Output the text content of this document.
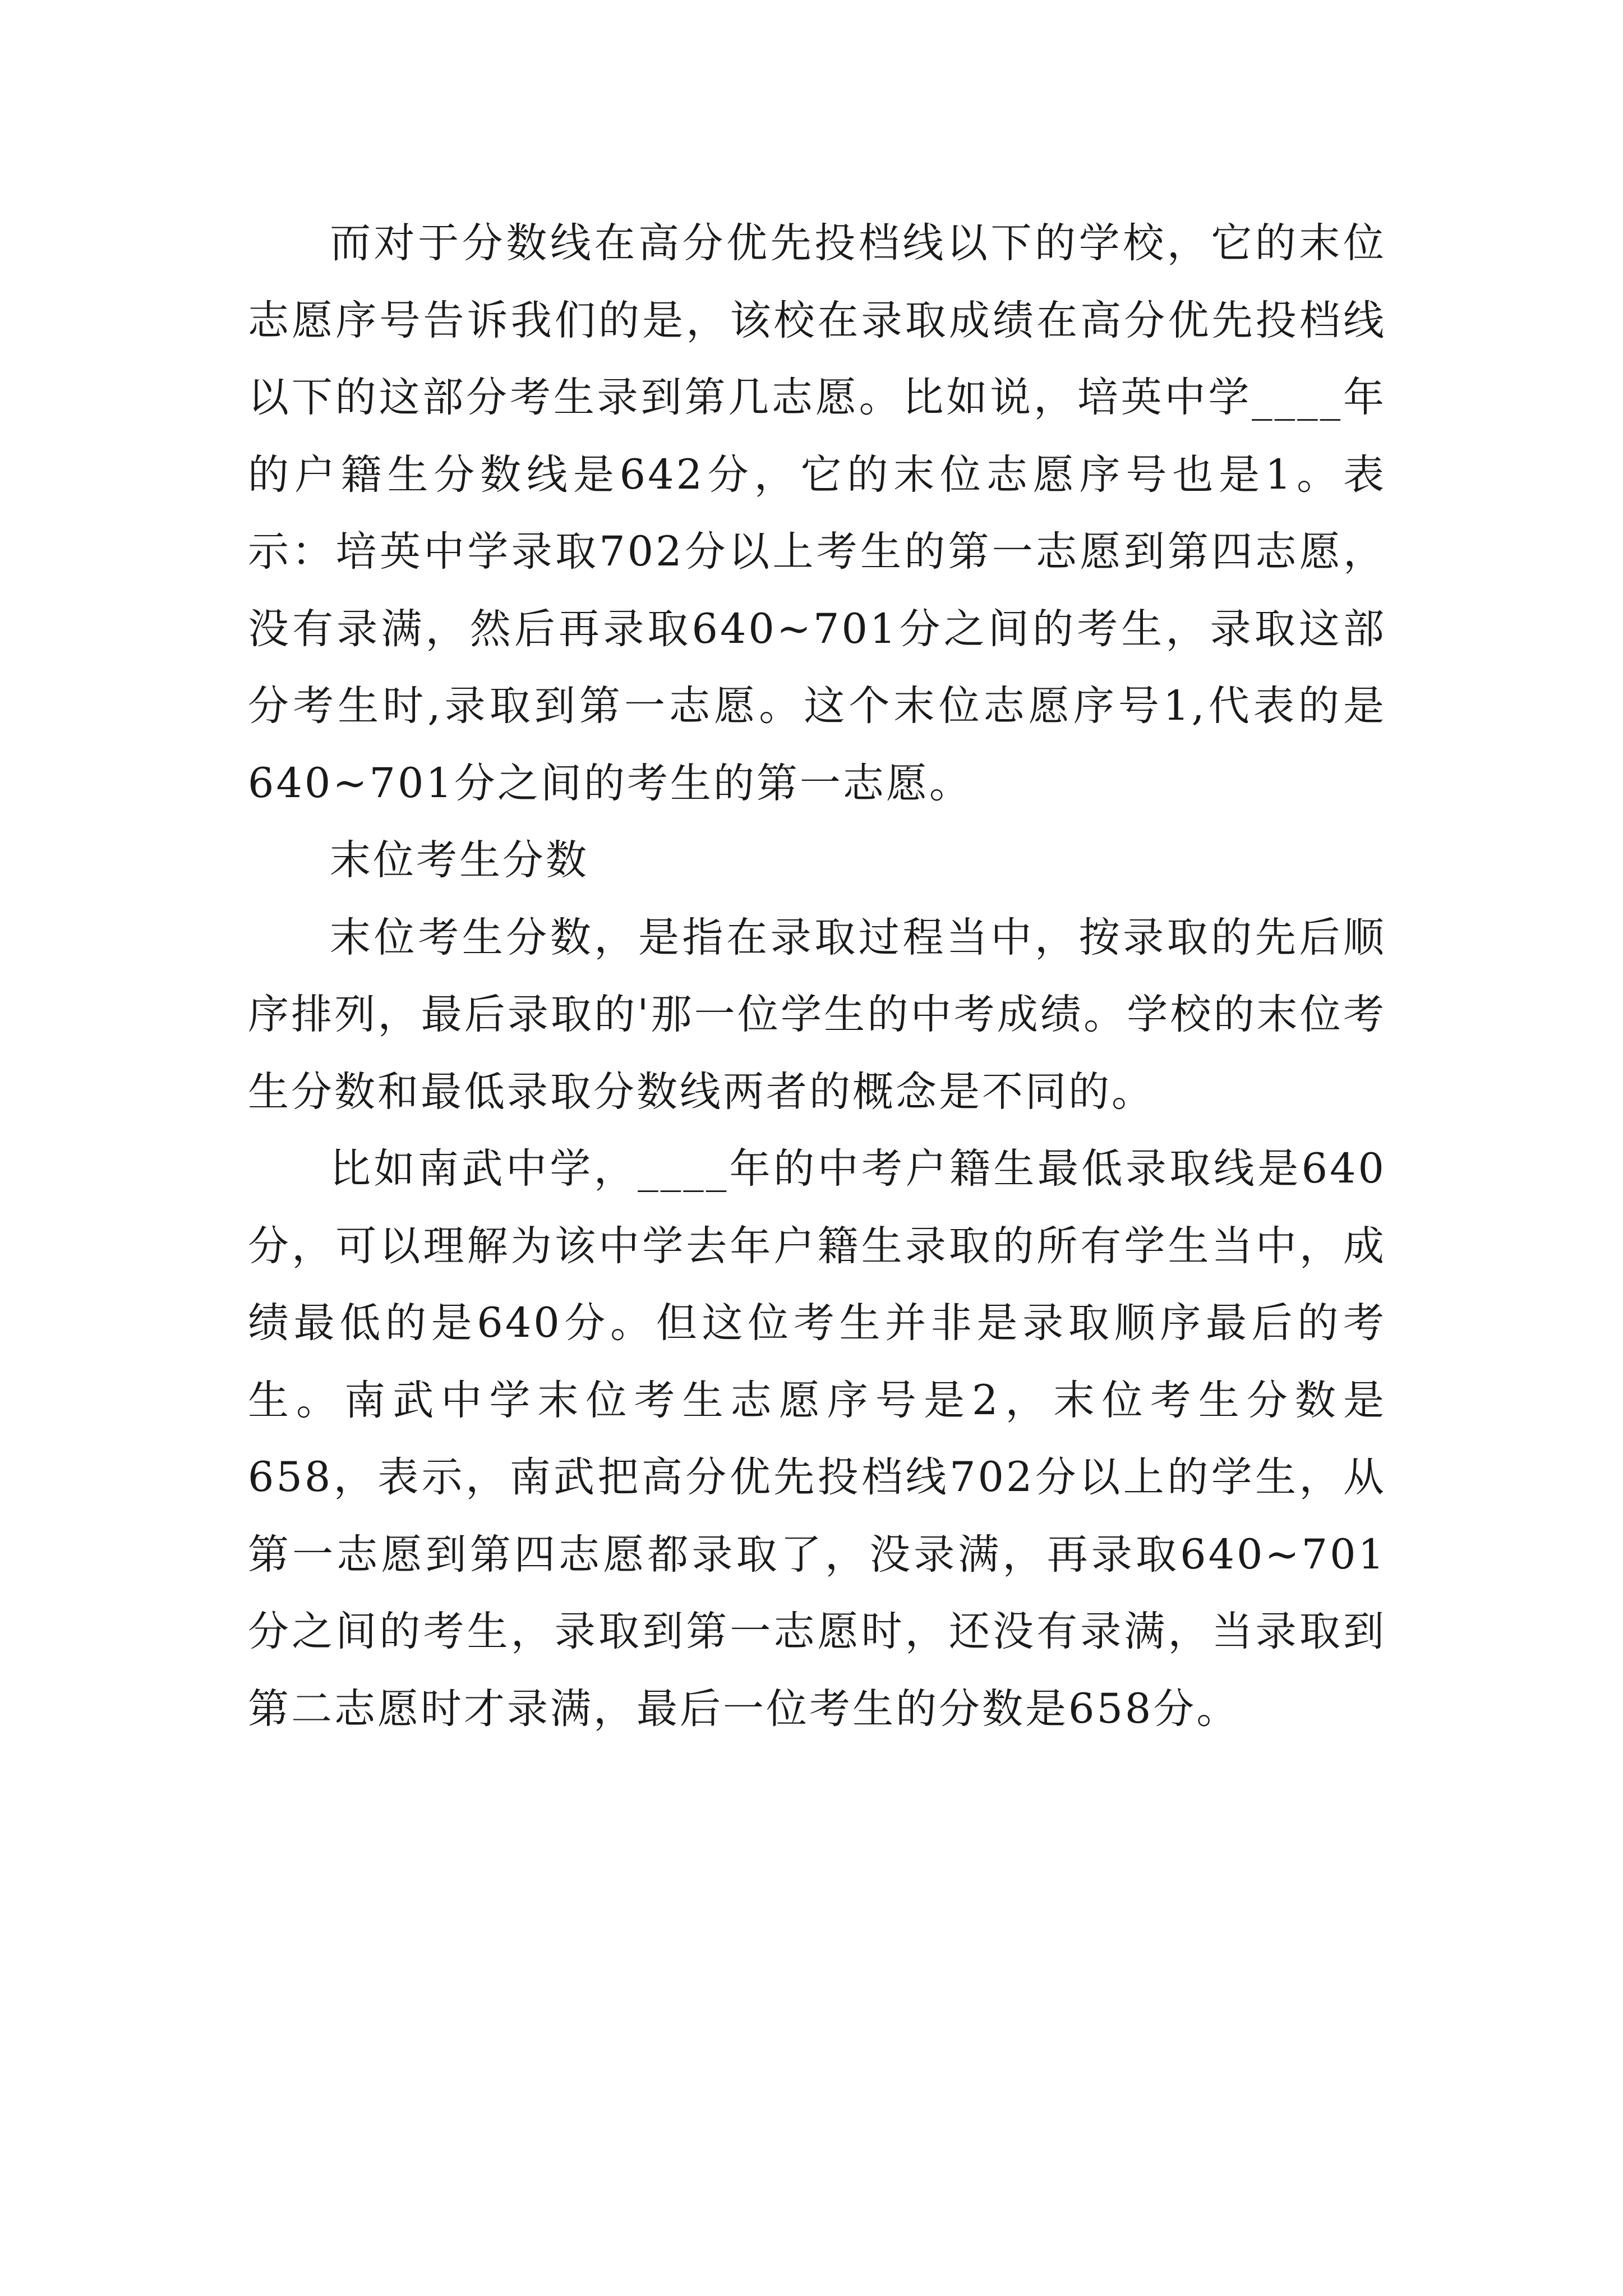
而对于分数线在高分优先投档线以下的学校，它的末位志愿序号告诉我们的是，该校在录取成绩在高分优先投档线以下的这部分考生录到第几志愿。比如说，培英中学____年的户籍生分数线是642分，它的末位志愿序号也是1。表示：培英中学录取702分以上考生的第一志愿到第四志愿，没有录满，然后再录取640~701分之间的考生，录取这部分考生时,录取到第一志愿。这个末位志愿序号1,代表的是640~701分之间的考生的第一志愿。

末位考生分数

末位考生分数，是指在录取过程当中，按录取的先后顺序排列，最后录取的'那一位学生的中考成绩。学校的末位考生分数和最低录取分数线两者的概念是不同的。

比如南武中学，____年的中考户籍生最低录取线是640分，可以理解为该中学去年户籍生录取的所有学生当中，成绩最低的是640分。但这位考生并非是录取顺序最后的考生。南武中学末位考生志愿序号是2，末位考生分数是658，表示，南武把高分优先投档线702分以上的学生，从第一志愿到第四志愿都录取了，没录满，再录取640~701分之间的考生，录取到第一志愿时，还没有录满，当录取到第二志愿时才录满，最后一位考生的分数是658分。
